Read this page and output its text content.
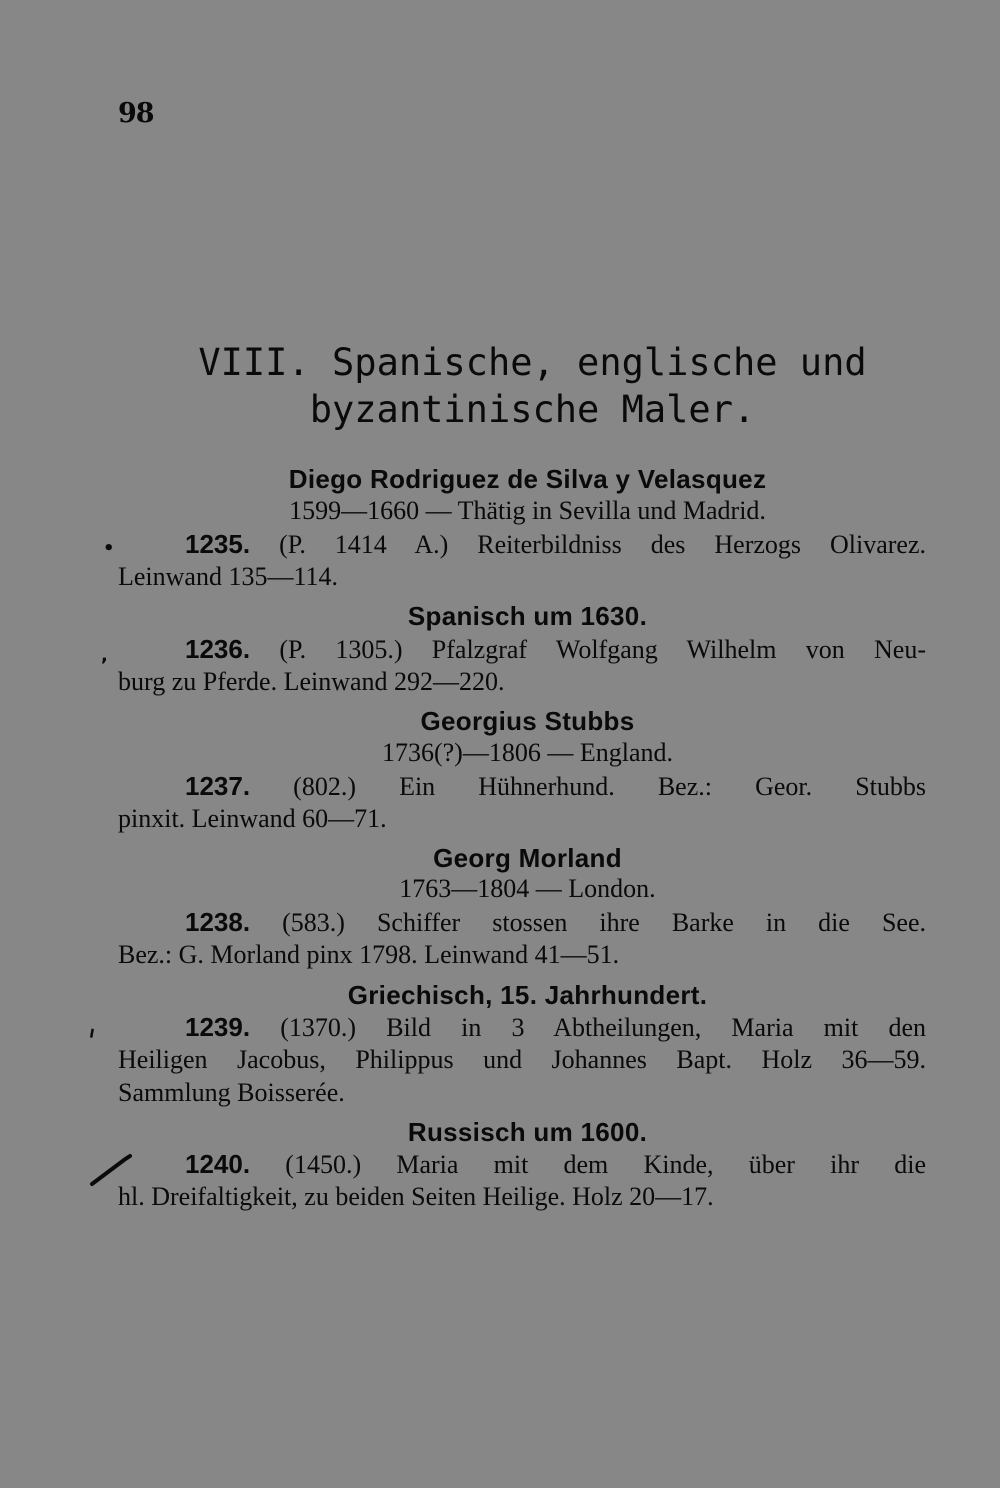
98
VIII. Spanische, englische und
byzantinische Maler.
Diego Rodriguez de Silva y Velasquez
1599—1660 — Thätig in Sevilla und Madrid.
•	1235. (P. 1414 A.) Reiterbildniss des Herzogs Olivarez.
Leinwand 135—114.
Spanisch um 1630.
,	1236. (P. 1305.) Pfalzgraf Wolfgang Wilhelm von Neu-
burg zu Pferde. Leinwand 292—220.
Georgius Stubbs
1736(?)—1806 — England.
1237. (802.) Ein Hühnerhund. Bez.: Geor. Stubbs
pinxit. Leinwand 60—71.
Georg Morland
1763—1804 — London.
1238. (583.) Schiffer stossen ihre Barke in die See.
Bez.: G. Morland pinx 1798. Leinwand 41—51.
Griechisch, 15. Jahrhundert.
ᐟ	1239. (1370.) Bild in 3 Abtheilungen, Maria mit den
Heiligen Jacobus, Philippus und Johannes Bapt. Holz 36—59.
Sammlung Boisserée.
Russisch um 1600.
1240. (1450.) Maria mit dem Kinde, über ihr die
hl. Dreifaltigkeit, zu beiden Seiten Heilige. Holz 20—17.
